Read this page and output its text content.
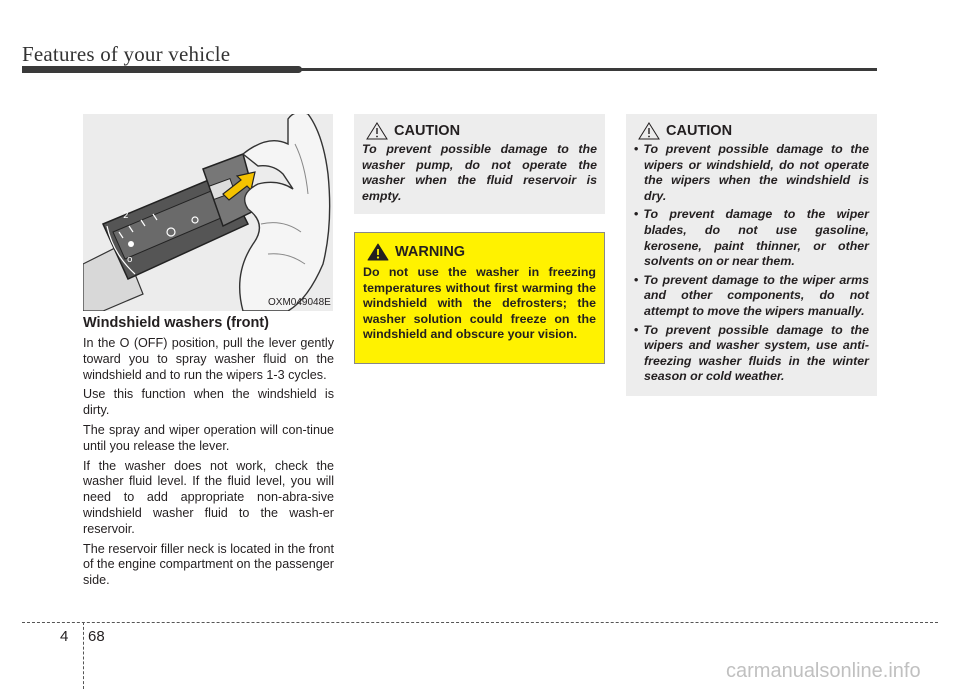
Features of your vehicle
2
o
OXM049048E
Windshield washers (front)

In the O (OFF) position, pull the lever gently toward you to spray washer fluid on the windshield and to run the wipers 1-3 cycles.

Use this function when the windshield is dirty.

The spray and wiper operation will con-tinue until you release the lever.

If the washer does not work, check the washer fluid level. If the fluid level, you will need to add appropriate non-abra-sive windshield washer fluid to the wash-er reservoir.

The reservoir filler neck is located in the front of the engine compartment on the passenger side.

CAUTION

To prevent possible damage to the washer pump, do not operate the washer when the fluid reservoir is empty.

WARNING

Do not use the washer in freezing temperatures without first warming the windshield with the defrosters; the washer solution could freeze on the windshield and obscure your vision.

CAUTION
• To prevent possible damage to the wipers or windshield, do not operate the wipers when the windshield is dry.
• To prevent damage to the wiper blades, do not use gasoline, kerosene, paint thinner, or other solvents on or near them.
• To prevent damage to the wiper arms and other components, do not attempt to move the wipers manually.
• To prevent possible damage to the wipers and washer system, use anti-freezing washer fluids in the winter season or cold weather.
4 68
carmanualsonline.info
